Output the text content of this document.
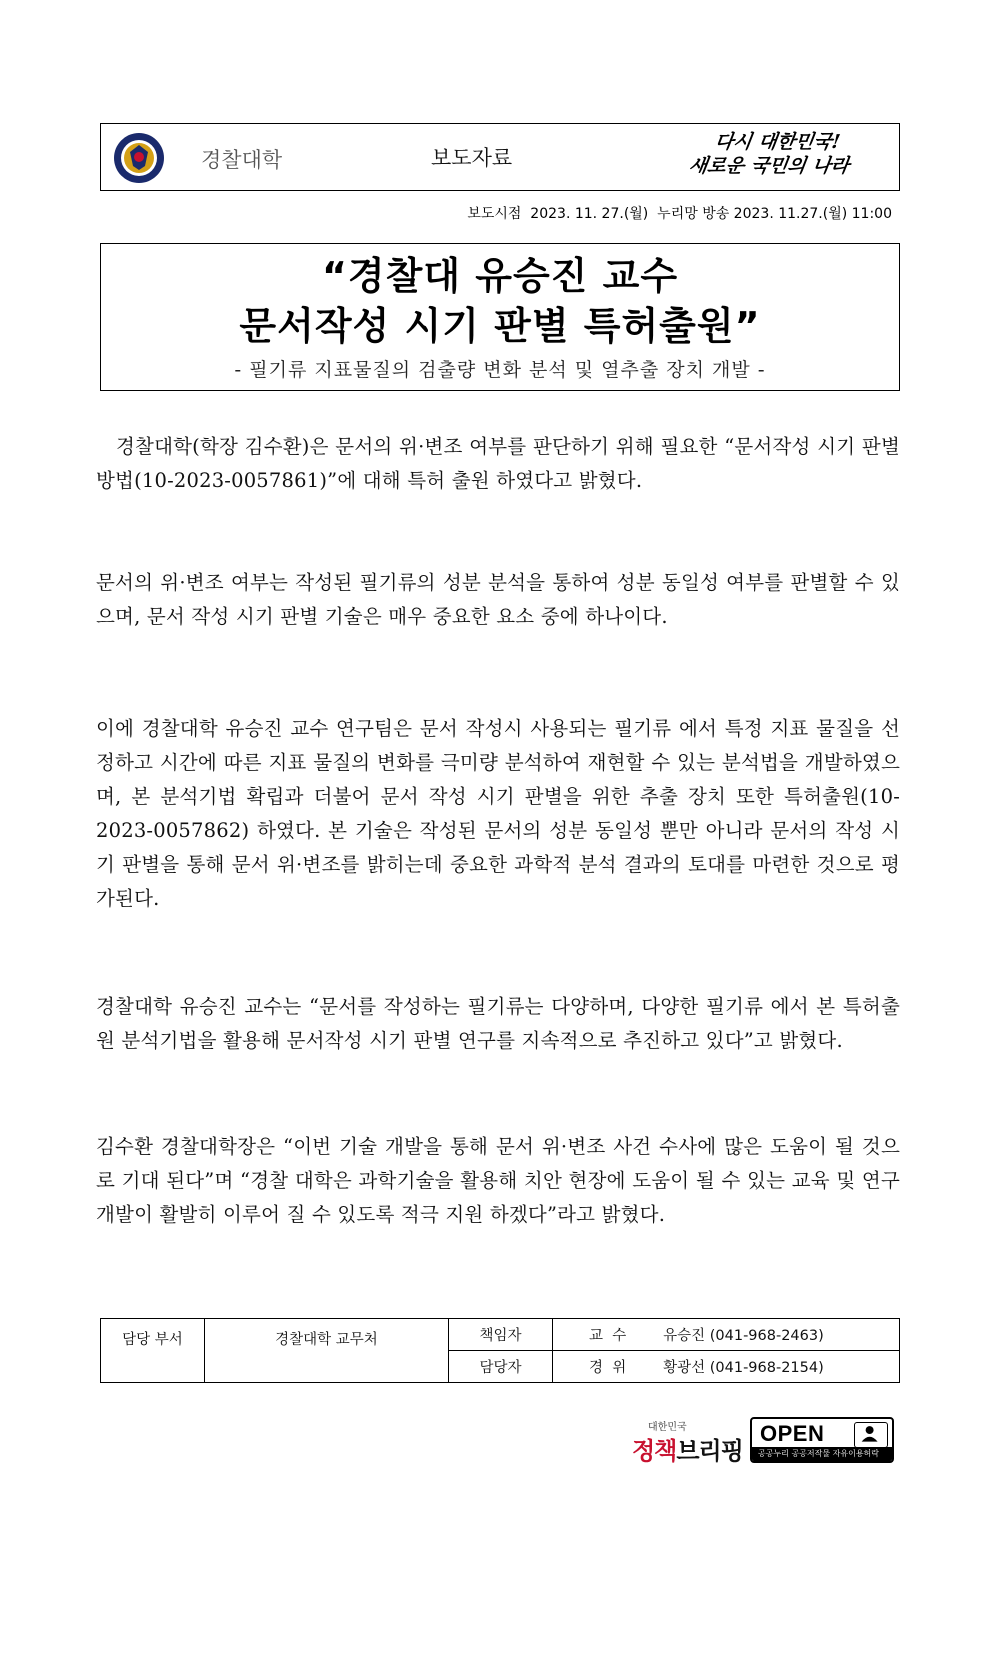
경찰대학	보도자료
다시 대한민국!
새로운 국민의 나라
보도시점  2023. 11. 27.(월)  누리망 방송 2023. 11.27.(월) 11:00
“경찰대 유승진 교수
문서작성 시기 판별 특허출원”
- 필기류 지표물질의 검출량 변화 분석 및 열추출 장치 개발 -

경찰대학(학장 김수환)은 문서의 위·변조 여부를 판단하기 위해 필요한 “문서작성 시기 판별 방법(10-2023-0057861)”에 대해 특허 출원 하였다고 밝혔다.

문서의 위·변조 여부는 작성된 필기류의 성분 분석을 통하여 성분 동일성 여부를 판별할 수 있으며, 문서 작성 시기 판별 기술은 매우 중요한 요소 중에 하나이다.

이에 경찰대학 유승진 교수 연구팀은 문서 작성시 사용되는 필기류 에서 특정 지표 물질을 선정하고 시간에 따른 지표 물질의 변화를 극미량 분석하여 재현할 수 있는 분석법을 개발하였으며, 본 분석기법 확립과 더불어 문서 작성 시기 판별을 위한 추출 장치 또한 특허출원(10-2023-0057862) 하였다. 본 기술은 작성된 문서의 성분 동일성 뿐만 아니라 문서의 작성 시기 판별을 통해 문서 위·변조를 밝히는데 중요한 과학적 분석 결과의 토대를 마련한 것으로 평가된다.

경찰대학 유승진 교수는 “문서를 작성하는 필기류는 다양하며, 다양한 필기류 에서 본 특허출원 분석기법을 활용해 문서작성 시기 판별 연구를 지속적으로 추진하고 있다”고 밝혔다.

김수환 경찰대학장은 “이번 기술 개발을 통해 문서 위·변조 사건 수사에 많은 도움이 될 것으로 기대 된다”며 “경찰 대학은 과학기술을 활용해 치안 현장에 도움이 될 수 있는 교육 및 연구개발이 활발히 이루어 질 수 있도록 적극 지원 하겠다”라고 밝혔다.

담당 부서	경찰대학 교무처	책임자	교  수        유승진 (041-968-2463)
		담당자	경  위        황광선 (041-968-2154)
대한민국
정책브리핑
OPEN
공공누리 공공저작물 자유이용허락
